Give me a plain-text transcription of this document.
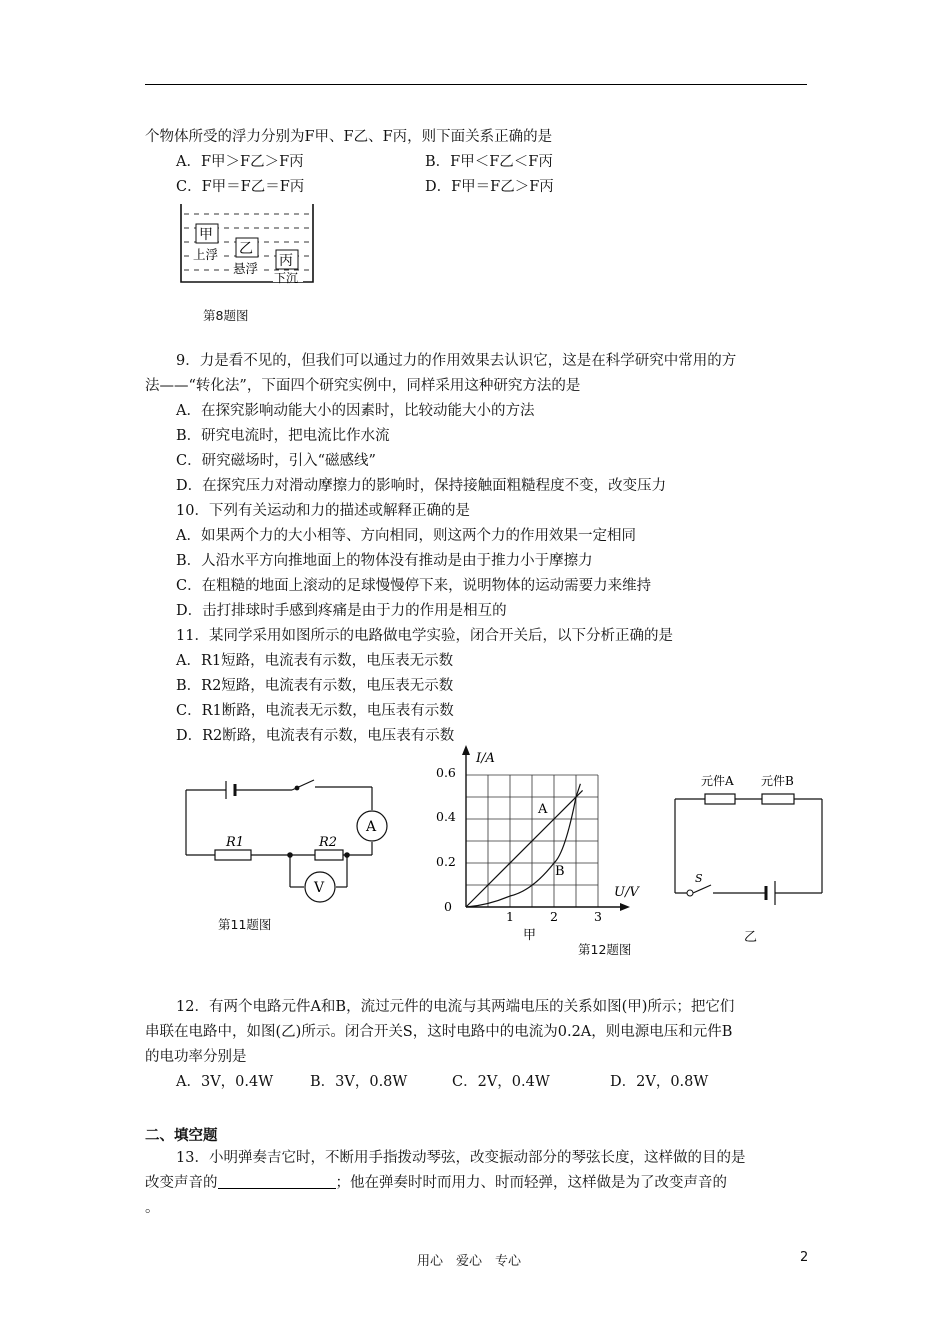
个物体所受的浮力分别为F甲、F乙、F丙，则下面关系正确的是
A．F甲＞F乙＞F丙	B．F甲＜F乙＜F丙
C．F甲＝F乙＝F丙	D．F甲＝F乙＞F丙
甲
乙
丙
上浮
悬浮
下沉
第8题图
9．力是看不见的，但我们可以通过力的作用效果去认识它，这是在科学研究中常用的方
法——“转化法”，下面四个研究实例中，同样采用这种研究方法的是
A．在探究影响动能大小的因素时，比较动能大小的方法
B．研究电流时，把电流比作水流
C．研究磁场时，引入“磁感线”
D．在探究压力对滑动摩擦力的影响时，保持接触面粗糙程度不变，改变压力
10．下列有关运动和力的描述或解释正确的是
A．如果两个力的大小相等、方向相同，则这两个力的作用效果一定相同
B．人沿水平方向推地面上的物体没有推动是由于推力小于摩擦力
C．在粗糙的地面上滚动的足球慢慢停下来，说明物体的运动需要力来维持
D．击打排球时手感到疼痛是由于力的作用是相互的
11．某同学采用如图所示的电路做电学实验，闭合开关后，以下分析正确的是
A．R1短路，电流表有示数，电压表无示数
B．R2短路，电流表有示数，电压表无示数
C．R1断路，电流表无示数，电压表有示数
D．R2断路，电流表有示数，电压表有示数
R1	R2
A
V
第11题图
I/A
U/V
0.6
0.4
0.2
0
1	2	3
A
B
甲
第12题图
元件A 元件B
S
乙
12．有两个电路元件A和B，流过元件的电流与其两端电压的关系如图(甲)所示；把它们
串联在电路中，如图(乙)所示。闭合开关S，这时电路中的电流为0.2A，则电源电压和元件B
的电功率分别是
A．3V，0.4W	B．3V，0.8W	C．2V，0.4W	D．2V，0.8W
二、填空题
13．小明弹奏吉它时，不断用手指拨动琴弦，改变振动部分的琴弦长度，这样做的目的是
改变声音的	；他在弹奏时时而用力、时而轻弹，这样做是为了改变声音的
。
用心　爱心　专心	2
